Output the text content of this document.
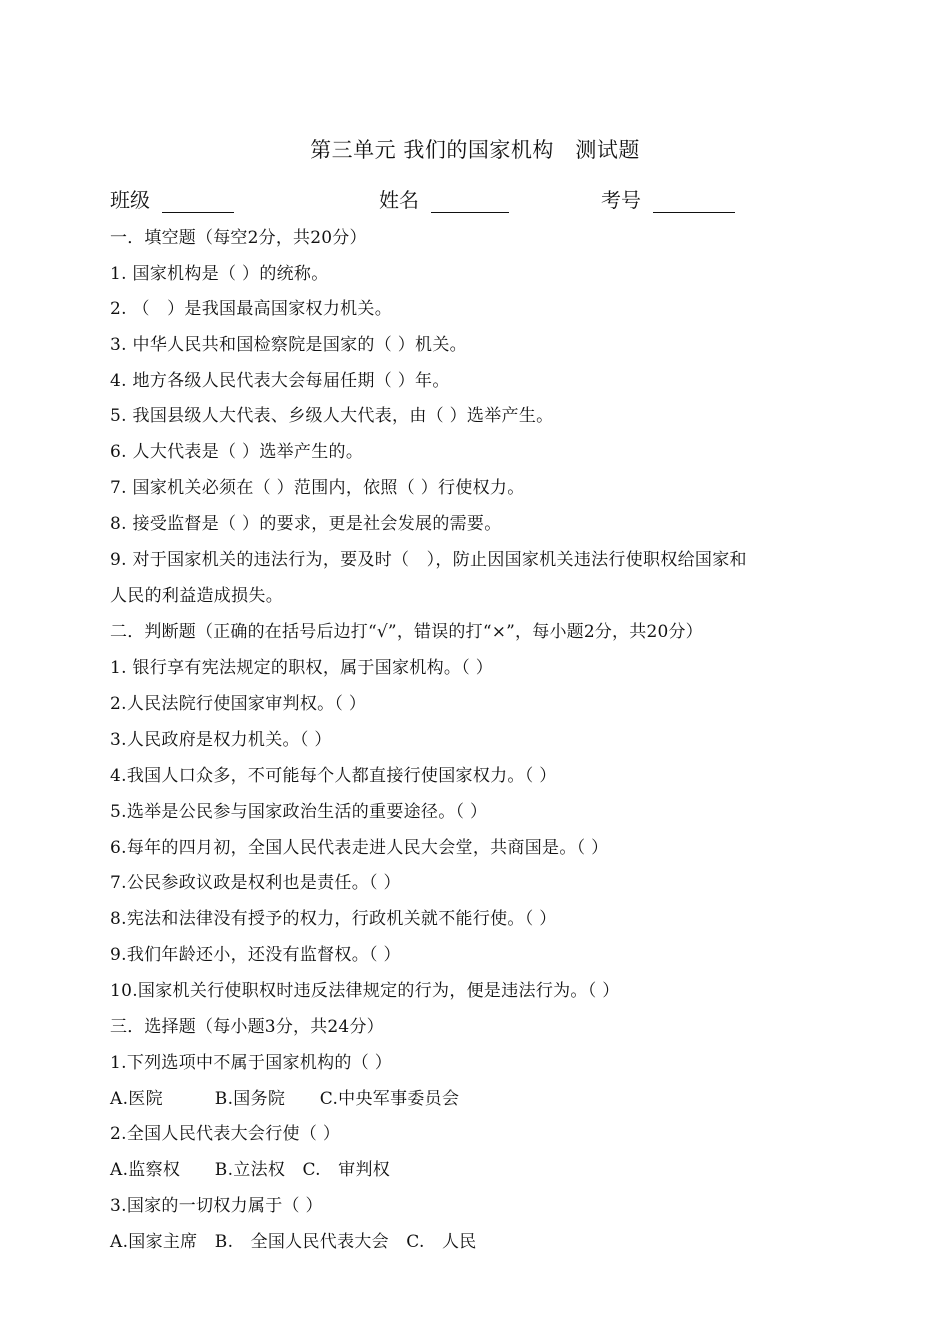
第三单元 我们的国家机构　测试题
班级	姓名	考号
一．填空题（每空2分，共20分）
1. 国家机构是（ ）的统称。
2. （　）是我国最高国家权力机关。
3. 中华人民共和国检察院是国家的（ ）机关。
4. 地方各级人民代表大会每届任期（ ）年。
5. 我国县级人大代表、乡级人大代表，由（ ）选举产生。
6. 人大代表是（ ）选举产生的。
7. 国家机关必须在（ ）范围内，依照（ ）行使权力。
8. 接受监督是（ ）的要求，更是社会发展的需要。
9. 对于国家机关的违法行为，要及时（　），防止因国家机关违法行使职权给国家和
人民的利益造成损失。
二．判断题（正确的在括号后边打“√”，错误的打“×”，每小题2分，共20分）
1. 银行享有宪法规定的职权，属于国家机构。（ ）
2.人民法院行使国家审判权。（ ）
3.人民政府是权力机关。（ ）
4.我国人口众多，不可能每个人都直接行使国家权力。（ ）
5.选举是公民参与国家政治生活的重要途径。（ ）
6.每年的四月初，全国人民代表走进人民大会堂，共商国是。（ ）
7.公民参政议政是权利也是责任。（ ）
8.宪法和法律没有授予的权力，行政机关就不能行使。（ ）
9.我们年龄还小，还没有监督权。（ ）
10.国家机关行使职权时违反法律规定的行为，便是违法行为。（ ）
三．选择题（每小题3分，共24分）
1.下列选项中不属于国家机构的（ ）
A.医院　　　B.国务院　　C.中央军事委员会
2.全国人民代表大会行使（ ）
A.监察权　　B.立法权　C.　审判权
3.国家的一切权力属于（ ）
A.国家主席　B.　全国人民代表大会　C.　人民
